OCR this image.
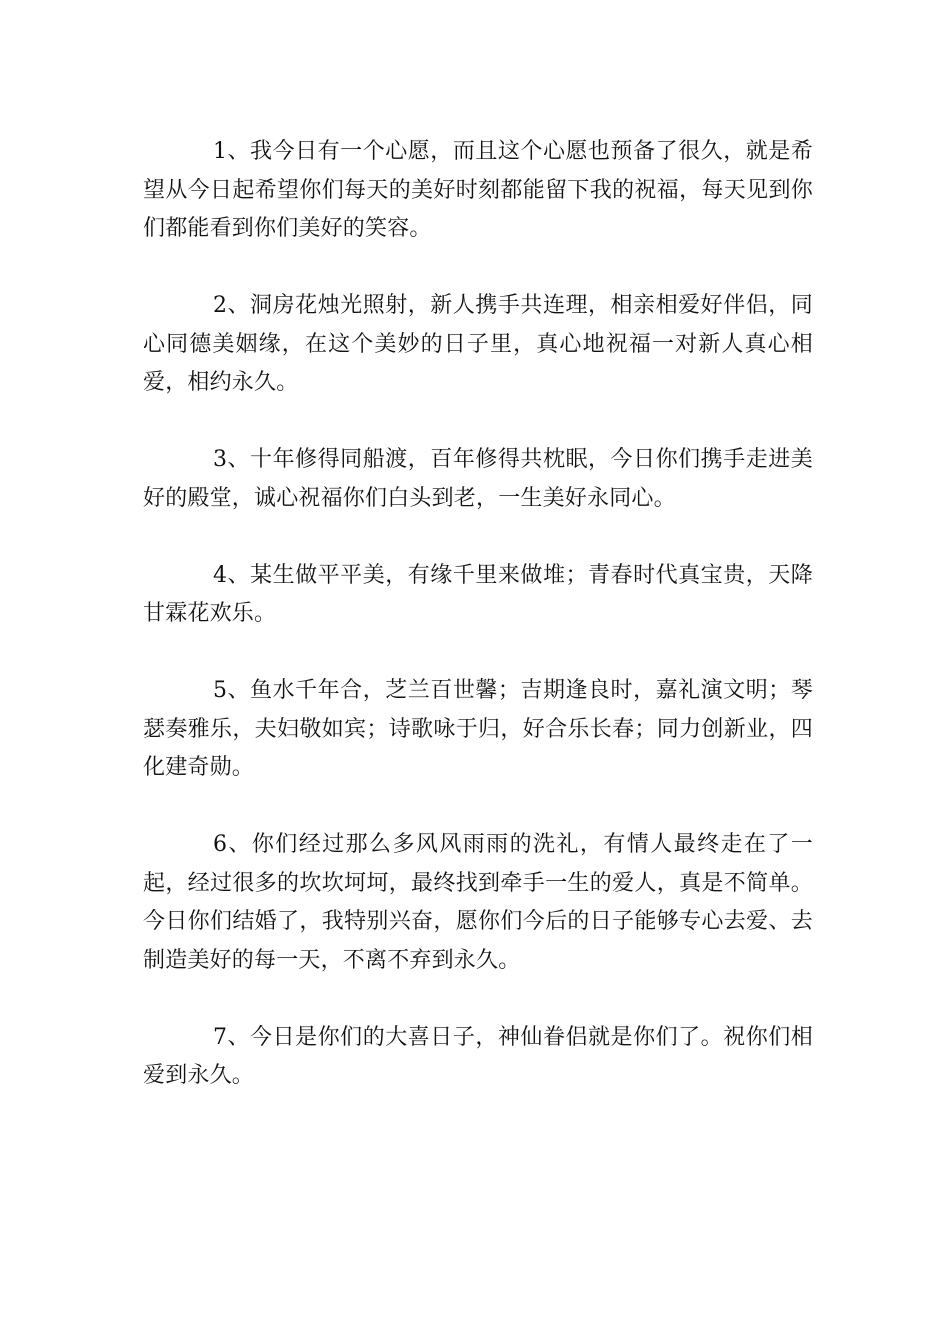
1、我今日有一个心愿，而且这个心愿也预备了很久，就是希望从今日起希望你们每天的美好时刻都能留下我的祝福，每天见到你们都能看到你们美好的笑容。

2、洞房花烛光照射，新人携手共连理，相亲相爱好伴侣，同心同德美姻缘，在这个美妙的日子里，真心地祝福一对新人真心相爱，相约永久。

3、十年修得同船渡，百年修得共枕眠，今日你们携手走进美好的殿堂，诚心祝福你们白头到老，一生美好永同心。

4、某生做平平美，有缘千里来做堆；青春时代真宝贵，天降甘霖花欢乐。

5、鱼水千年合，芝兰百世馨；吉期逢良时，嘉礼演文明；琴瑟奏雅乐，夫妇敬如宾；诗歌咏于归，好合乐长春；同力创新业，四化建奇勋。

6、你们经过那么多风风雨雨的洗礼，有情人最终走在了一起，经过很多的坎坎坷坷，最终找到牵手一生的爱人，真是不简单。今日你们结婚了，我特别兴奋，愿你们今后的日子能够专心去爱、去制造美好的每一天，不离不弃到永久。

7、今日是你们的大喜日子，神仙眷侣就是你们了。祝你们相爱到永久。
